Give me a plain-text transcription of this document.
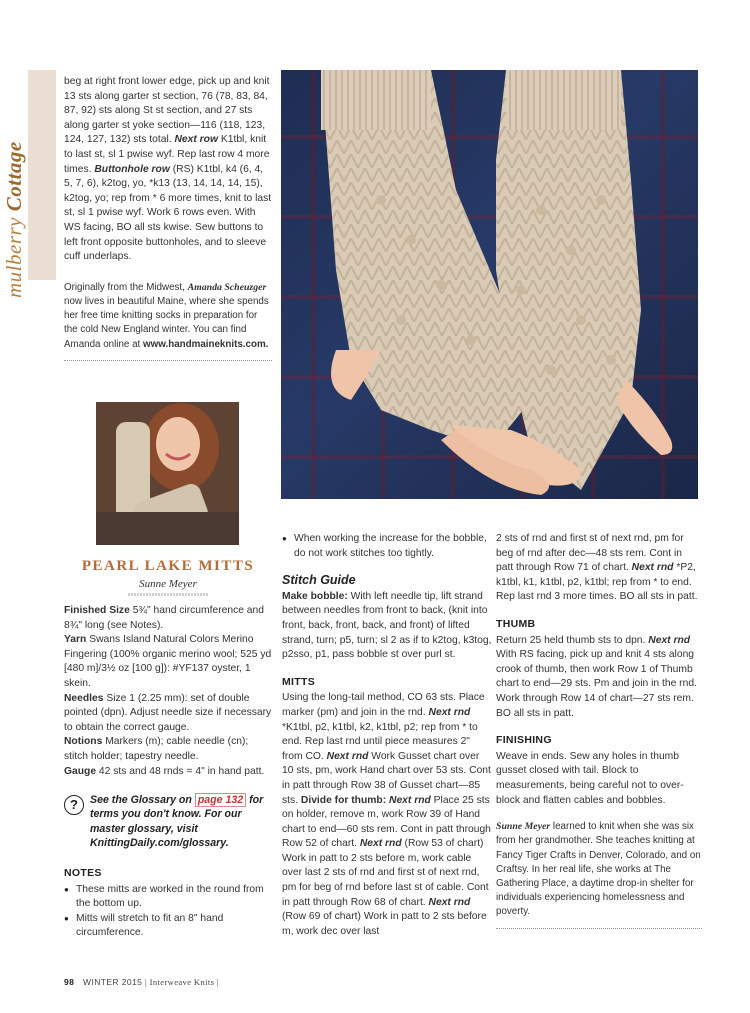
mulberry Cottage

beg at right front lower edge, pick up and knit 13 sts along garter st section, 76 (78, 83, 84, 87, 92) sts along St st section, and 27 sts along garter st yoke section—116 (118, 123, 124, 127, 132) sts total. Next row K1tbl, knit to last st, sl 1 pwise wyf. Rep last row 4 more times. Buttonhole row (RS) K1tbl, k4 (6, 4, 5, 7, 6), k2tog, yo, *k13 (13, 14, 14, 14, 15), k2tog, yo; rep from * 6 more times, knit to last st, sl 1 pwise wyf. Work 6 rows even. With WS facing, BO all sts kwise. Sew buttons to left front opposite buttonholes, and to sleeve cuff underlaps.

Originally from the Midwest, Amanda Scheuzger now lives in beautiful Maine, where she spends her free time knitting socks in preparation for the cold New England winter. You can find Amanda online at www.handmaineknits.com.

PEARL LAKE MITTS
Sunne Meyer

Finished Size 5¾" hand circumference and 8¾" long (see Notes).

Yarn Swans Island Natural Colors Merino Fingering (100% organic merino wool; 525 yd [480 m]/3½ oz [100 g]): #YF137 oyster, 1 skein.

Needles Size 1 (2.25 mm): set of double pointed (dpn). Adjust needle size if necessary to obtain the correct gauge.

Notions Markers (m); cable needle (cn); stitch holder; tapestry needle.

Gauge 42 sts and 48 rnds = 4" in hand patt.

?	See the Glossary on page 132 for terms you don't know. For our master glossary, visit KnittingDaily.com/glossary.
NOTES
● These mitts are worked in the round from the bottom up.
● Mitts will stretch to fit an 8" hand circumference.
● When working the increase for the bobble, do not work stitches too tightly.
Stitch Guide

Make bobble: With left needle tip, lift strand between needles from front to back, (knit into front, back, front, back, and front) of lifted strand, turn; p5, turn; sl 2 as if to k2tog, k3tog, p2sso, p1, pass bobble st over purl st.

MITTS

Using the long-tail method, CO 63 sts. Place marker (pm) and join in the rnd. Next rnd *K1tbl, p2, k1tbl, k2, k1tbl, p2; rep from * to end. Rep last rnd until piece measures 2" from CO. Next rnd Work Gusset chart over 10 sts, pm, work Hand chart over 53 sts. Cont in patt through Row 38 of Gusset chart—85 sts. Divide for thumb: Next rnd Place 25 sts on holder, remove m, work Row 39 of Hand chart to end—60 sts rem. Cont in patt through Row 52 of chart. Next rnd (Row 53 of chart) Work in patt to 2 sts before m, work cable over last 2 sts of rnd and first st of next rnd, pm for beg of rnd before last st of cable. Cont in patt through Row 68 of chart. Next rnd (Row 69 of chart) Work in patt to 2 sts before m, work dec over last

2 sts of rnd and first st of next rnd, pm for beg of rnd after dec—48 sts rem. Cont in patt through Row 71 of chart. Next rnd *P2, k1tbl, k1, k1tbl, p2, k1tbl; rep from * to end. Rep last rnd 3 more times. BO all sts in patt.

THUMB

Return 25 held thumb sts to dpn. Next rnd With RS facing, pick up and knit 4 sts along crook of thumb, then work Row 1 of Thumb chart to end—29 sts. Pm and join in the rnd. Work through Row 14 of chart—27 sts rem. BO all sts in patt.

FINISHING

Weave in ends. Sew any holes in thumb gusset closed with tail. Block to measurements, being careful not to over-block and flatten cables and bobbles.

Sunne Meyer learned to knit when she was six from her grandmother. She teaches knitting at Fancy Tiger Crafts in Denver, Colorado, and on Craftsy. In her real life, she works at The Gathering Place, a daytime drop-in shelter for individuals experiencing homelessness and poverty.

98 WINTER 2015 | Interweave Knits |
